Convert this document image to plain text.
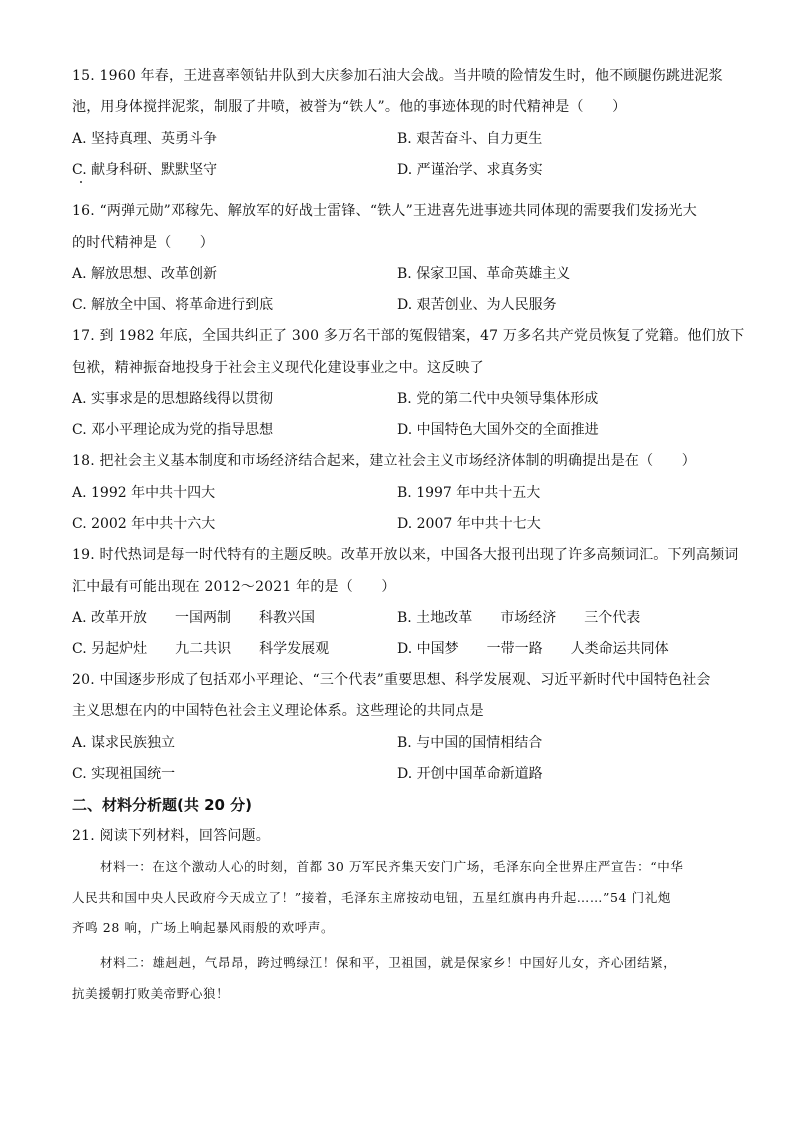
15. 1960 年春，王进喜率领钻井队到大庆参加石油大会战。当井喷的险情发生时，他不顾腿伤跳进泥浆
池，用身体搅拌泥浆，制服了井喷，被誉为“铁人”。他的事迹体现的时代精神是（　　）
A. 坚持真理、英勇斗争	B. 艰苦奋斗、自力更生
C. 献身科研、默默坚守	D. 严谨治学、求真务实
16. “两弹元勋”邓稼先、解放军的好战士雷锋、“铁人”王进喜先进事迹共同体现的需要我们发扬光大
的时代精神是（　　）
A. 解放思想、改革创新	B. 保家卫国、革命英雄主义
C. 解放全中国、将革命进行到底	D. 艰苦创业、为人民服务
17. 到 1982 年底，全国共纠正了 300 多万名干部的冤假错案，47 万多名共产党员恢复了党籍。他们放下
包袱，精神振奋地投身于社会主义现代化建设事业之中。这反映了
A. 实事求是的思想路线得以贯彻	B. 党的第二代中央领导集体形成
C. 邓小平理论成为党的指导思想	D. 中国特色大国外交的全面推进
18. 把社会主义基本制度和市场经济结合起来，建立社会主义市场经济体制的明确提出是在（　　）
A. 1992 年中共十四大	B. 1997 年中共十五大
C. 2002 年中共十六大	D. 2007 年中共十七大
19. 时代热词是每一时代特有的主题反映。改革开放以来，中国各大报刊出现了许多高频词汇。下列高频词
汇中最有可能出现在 2012～2021 年的是（　　）
A. 改革开放　　一国两制　　科教兴国	B. 土地改革　　市场经济　　三个代表
C. 另起炉灶　　九二共识　　科学发展观	D. 中国梦　　一带一路　　人类命运共同体
20. 中国逐步形成了包括邓小平理论、“三个代表”重要思想、科学发展观、习近平新时代中国特色社会
主义思想在内的中国特色社会主义理论体系。这些理论的共同点是
A. 谋求民族独立	B. 与中国的国情相结合
C. 实现祖国统一	D. 开创中国革命新道路
二、材料分析题(共 20 分)
21. 阅读下列材料，回答问题。
材料一：在这个激动人心的时刻，首都 30 万军民齐集天安门广场，毛泽东向全世界庄严宣告：“中华
人民共和国中央人民政府今天成立了！”接着，毛泽东主席按动电钮，五星红旗冉冉升起……”54 门礼炮
齐鸣 28 响，广场上响起暴风雨般的欢呼声。
材料二：雄赳赳，气昂昂，跨过鸭绿江！保和平，卫祖国，就是保家乡！中国好儿女，齐心团结紧，
抗美援朝打败美帝野心狼！
